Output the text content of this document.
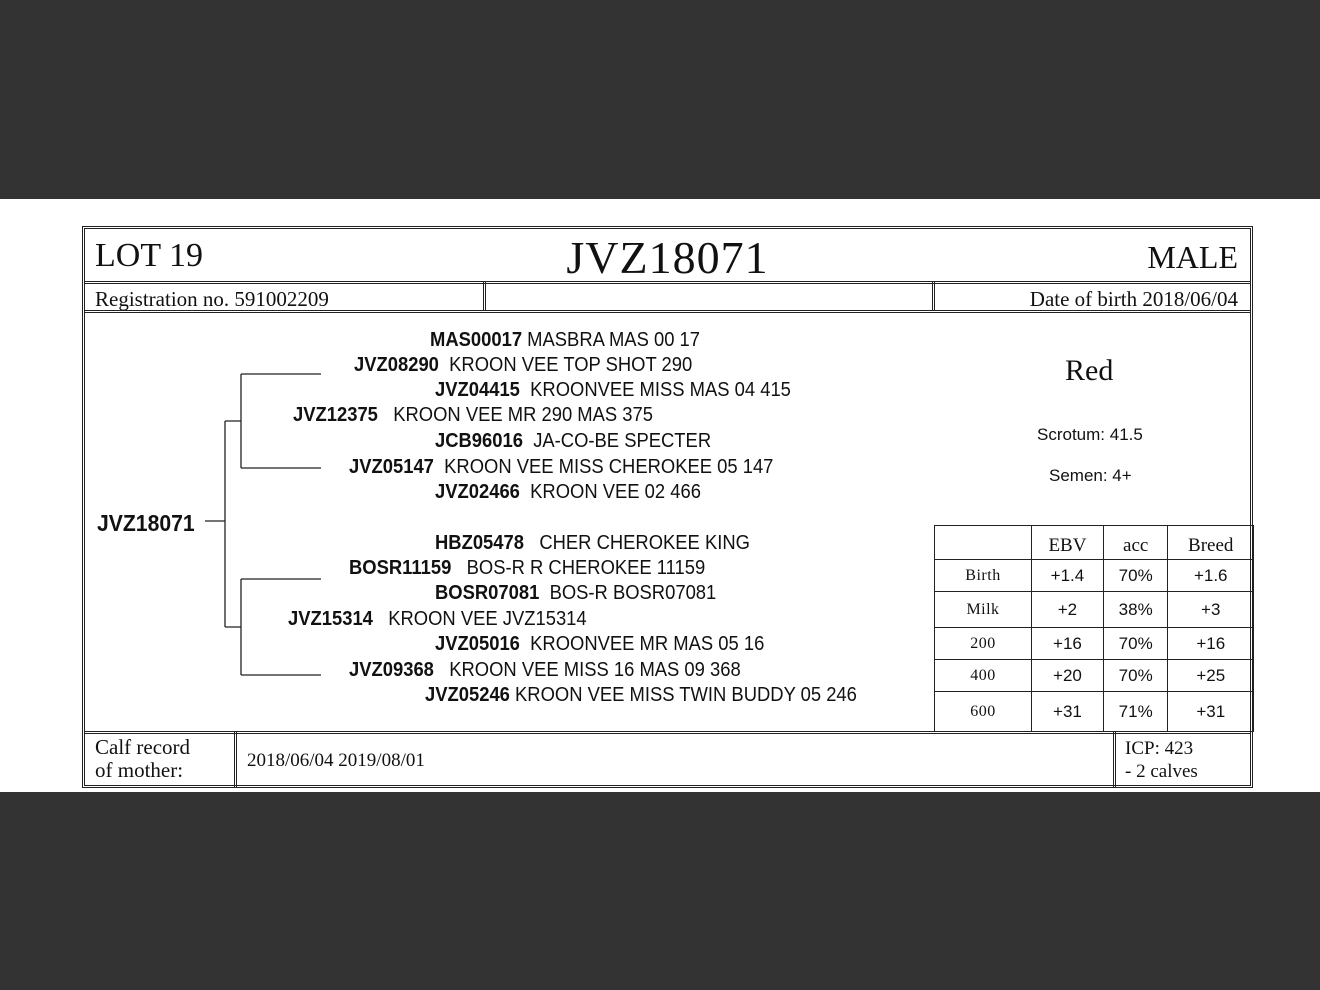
LOT 19	JVZ18071	MALE
Registration no. 591002209	Date of birth 2018/06/04
JVZ18071
MAS00017 MASBRA MAS 00 17
JVZ08290 KROON VEE TOP SHOT 290
JVZ04415 KROONVEE MISS MAS 04 415
JVZ12375 KROON VEE MR 290 MAS 375
JCB96016 JA-CO-BE SPECTER
JVZ05147 KROON VEE MISS CHEROKEE 05 147
JVZ02466 KROON VEE 02 466
HBZ05478 CHER CHEROKEE KING
BOSR11159 BOS-R R CHEROKEE 11159
BOSR07081 BOS-R BOSR07081
JVZ15314 KROON VEE JVZ15314
JVZ05016 KROONVEE MR MAS 05 16
JVZ09368 KROON VEE MISS 16 MAS 09 368
JVZ05246 KROON VEE MISS TWIN BUDDY 05 246
Red
Scrotum: 41.5
Semen: 4+
	EBV	acc	Breed
Birth	+1.4	70%	+1.6
Milk	+2	38%	+3
200	+16	70%	+16
400	+20	70%	+25
600	+31	71%	+31
Calf record
of mother:	2018/06/04 2019/08/01
ICP: 423
- 2 calves
